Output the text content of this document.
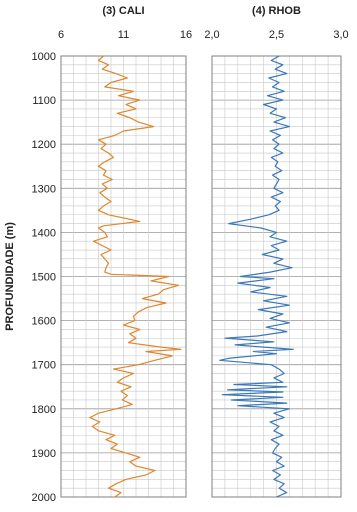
(3) CALI
6	11	16
1000
1100
1200
1300
1400
1500
1600
1700
1800
1900
2000
PROFUNDIDADE (m)
(4) RHOB
2,0	2,5	3,0
